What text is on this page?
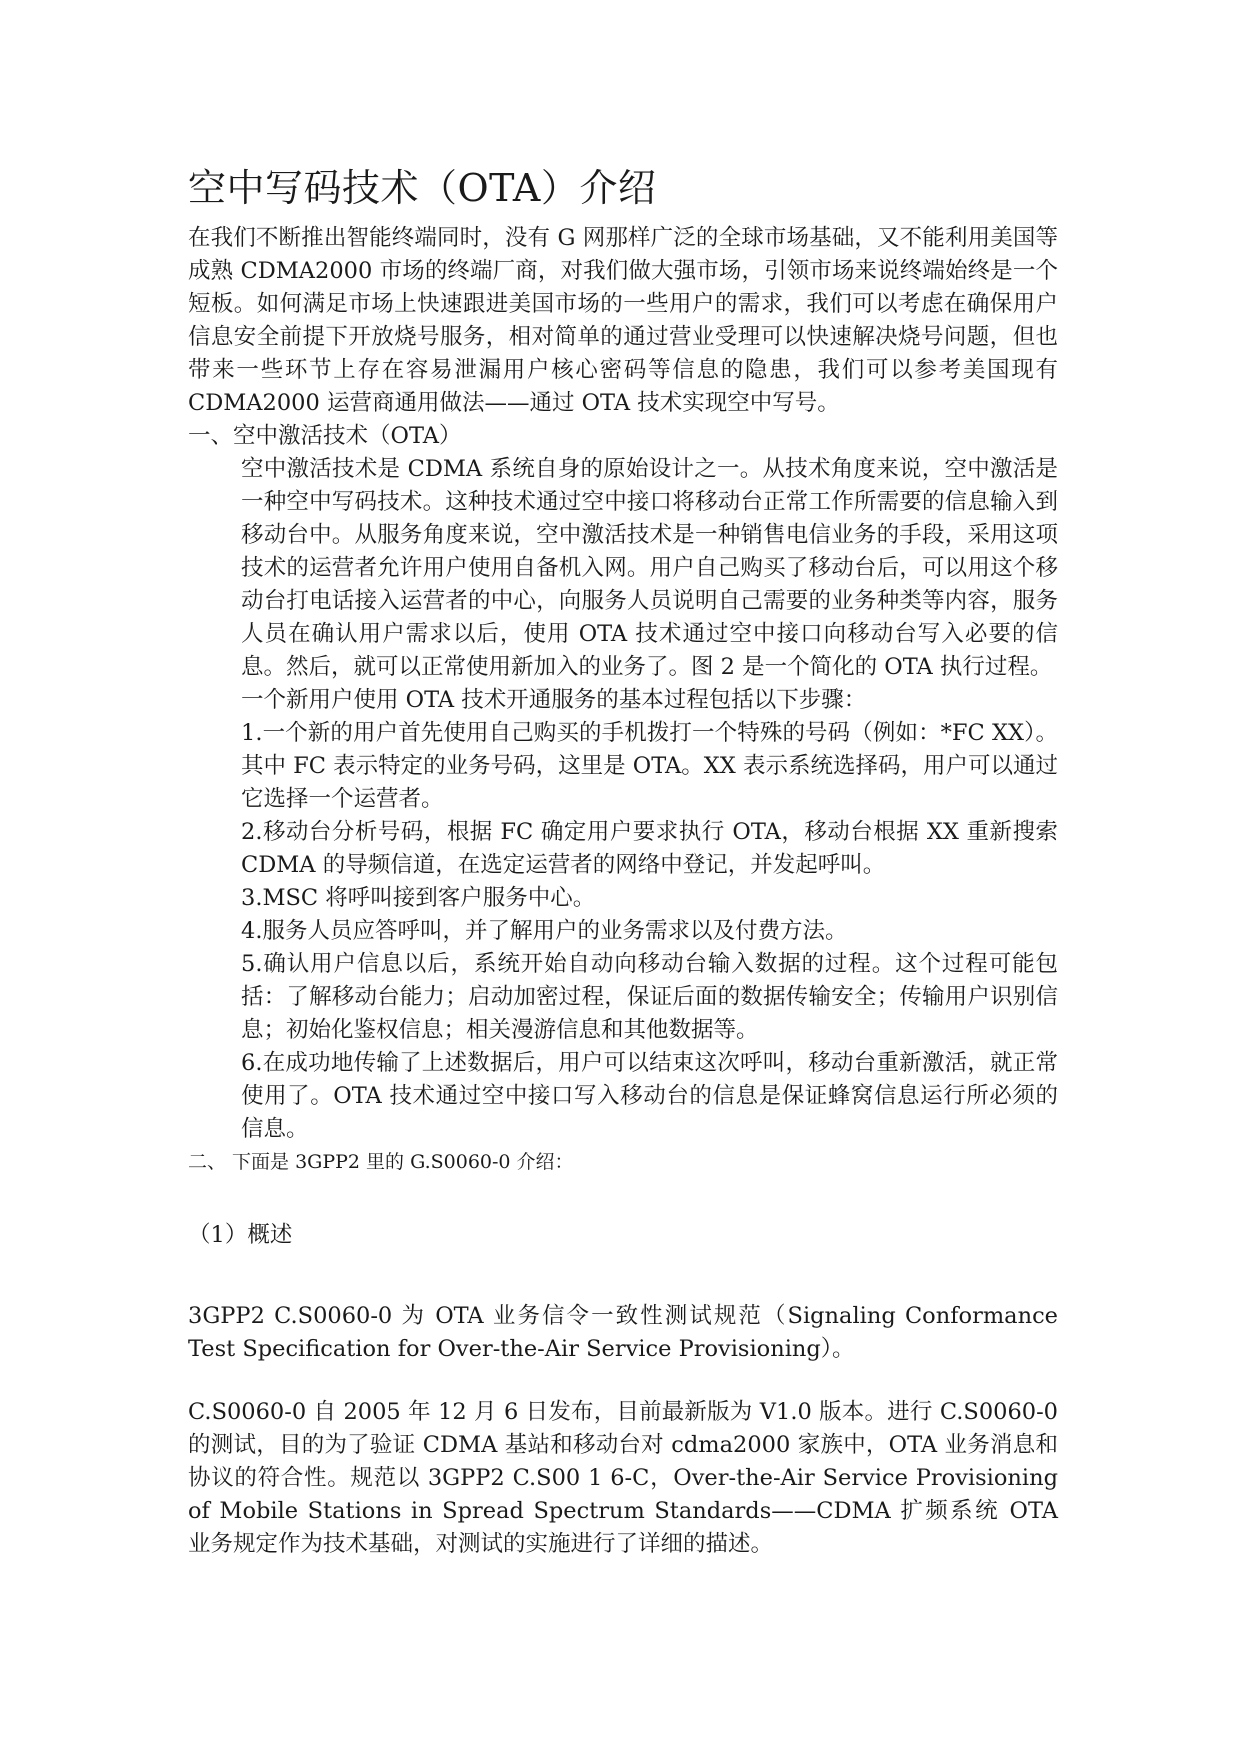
空中写码技术（OTA）介绍

在我们不断推出智能终端同时，没有 G 网那样广泛的全球市场基础，又不能利用美国等成熟 CDMA2000 市场的终端厂商，对我们做大强市场，引领市场来说终端始终是一个短板。如何满足市场上快速跟进美国市场的一些用户的需求，我们可以考虑在确保用户信息安全前提下开放烧号服务，相对简单的通过营业受理可以快速解决烧号问题，但也带来一些环节上存在容易泄漏用户核心密码等信息的隐患，我们可以参考美国现有 CDMA2000 运营商通用做法——通过 OTA 技术实现空中写号。

一、空中激活技术（OTA）

空中激活技术是 CDMA 系统自身的原始设计之一。从技术角度来说，空中激活是一种空中写码技术。这种技术通过空中接口将移动台正常工作所需要的信息输入到移动台中。从服务角度来说，空中激活技术是一种销售电信业务的手段，采用这项技术的运营者允许用户使用自备机入网。用户自己购买了移动台后，可以用这个移动台打电话接入运营者的中心，向服务人员说明自己需要的业务种类等内容，服务人员在确认用户需求以后，使用 OTA 技术通过空中接口向移动台写入必要的信息。然后，就可以正常使用新加入的业务了。图 2 是一个简化的 OTA 执行过程。

一个新用户使用 OTA 技术开通服务的基本过程包括以下步骤：

1.一个新的用户首先使用自己购买的手机拨打一个特殊的号码（例如：*FC XX）。其中 FC 表示特定的业务号码，这里是 OTA。XX 表示系统选择码，用户可以通过它选择一个运营者。

2.移动台分析号码，根据 FC 确定用户要求执行 OTA，移动台根据 XX 重新搜索 CDMA 的导频信道，在选定运营者的网络中登记，并发起呼叫。

3.MSC 将呼叫接到客户服务中心。

4.服务人员应答呼叫，并了解用户的业务需求以及付费方法。

5.确认用户信息以后，系统开始自动向移动台输入数据的过程。这个过程可能包括：了解移动台能力；启动加密过程，保证后面的数据传输安全；传输用户识别信息；初始化鉴权信息；相关漫游信息和其他数据等。

6.在成功地传输了上述数据后，用户可以结束这次呼叫，移动台重新激活，就正常使用了。OTA 技术通过空中接口写入移动台的信息是保证蜂窝信息运行所必须的信息。

二、 下面是 3GPP2 里的 G.S0060-0 介绍：

（1）概述

3GPP2 C.S0060-0 为 OTA 业务信令一致性测试规范（Signaling Conformance Test Specification for Over-the-Air Service Provisioning）。

C.S0060-0 自 2005 年 12 月 6 日发布，目前最新版为 V1.0 版本。进行 C.S0060-0 的测试，目的为了验证 CDMA 基站和移动台对 cdma2000 家族中，OTA 业务消息和协议的符合性。规范以 3GPP2 C.S00 1 6-C，Over-the-Air Service Provisioning of Mobile Stations in Spread Spectrum Standards——CDMA 扩频系统 OTA 业务规定作为技术基础，对测试的实施进行了详细的描述。
